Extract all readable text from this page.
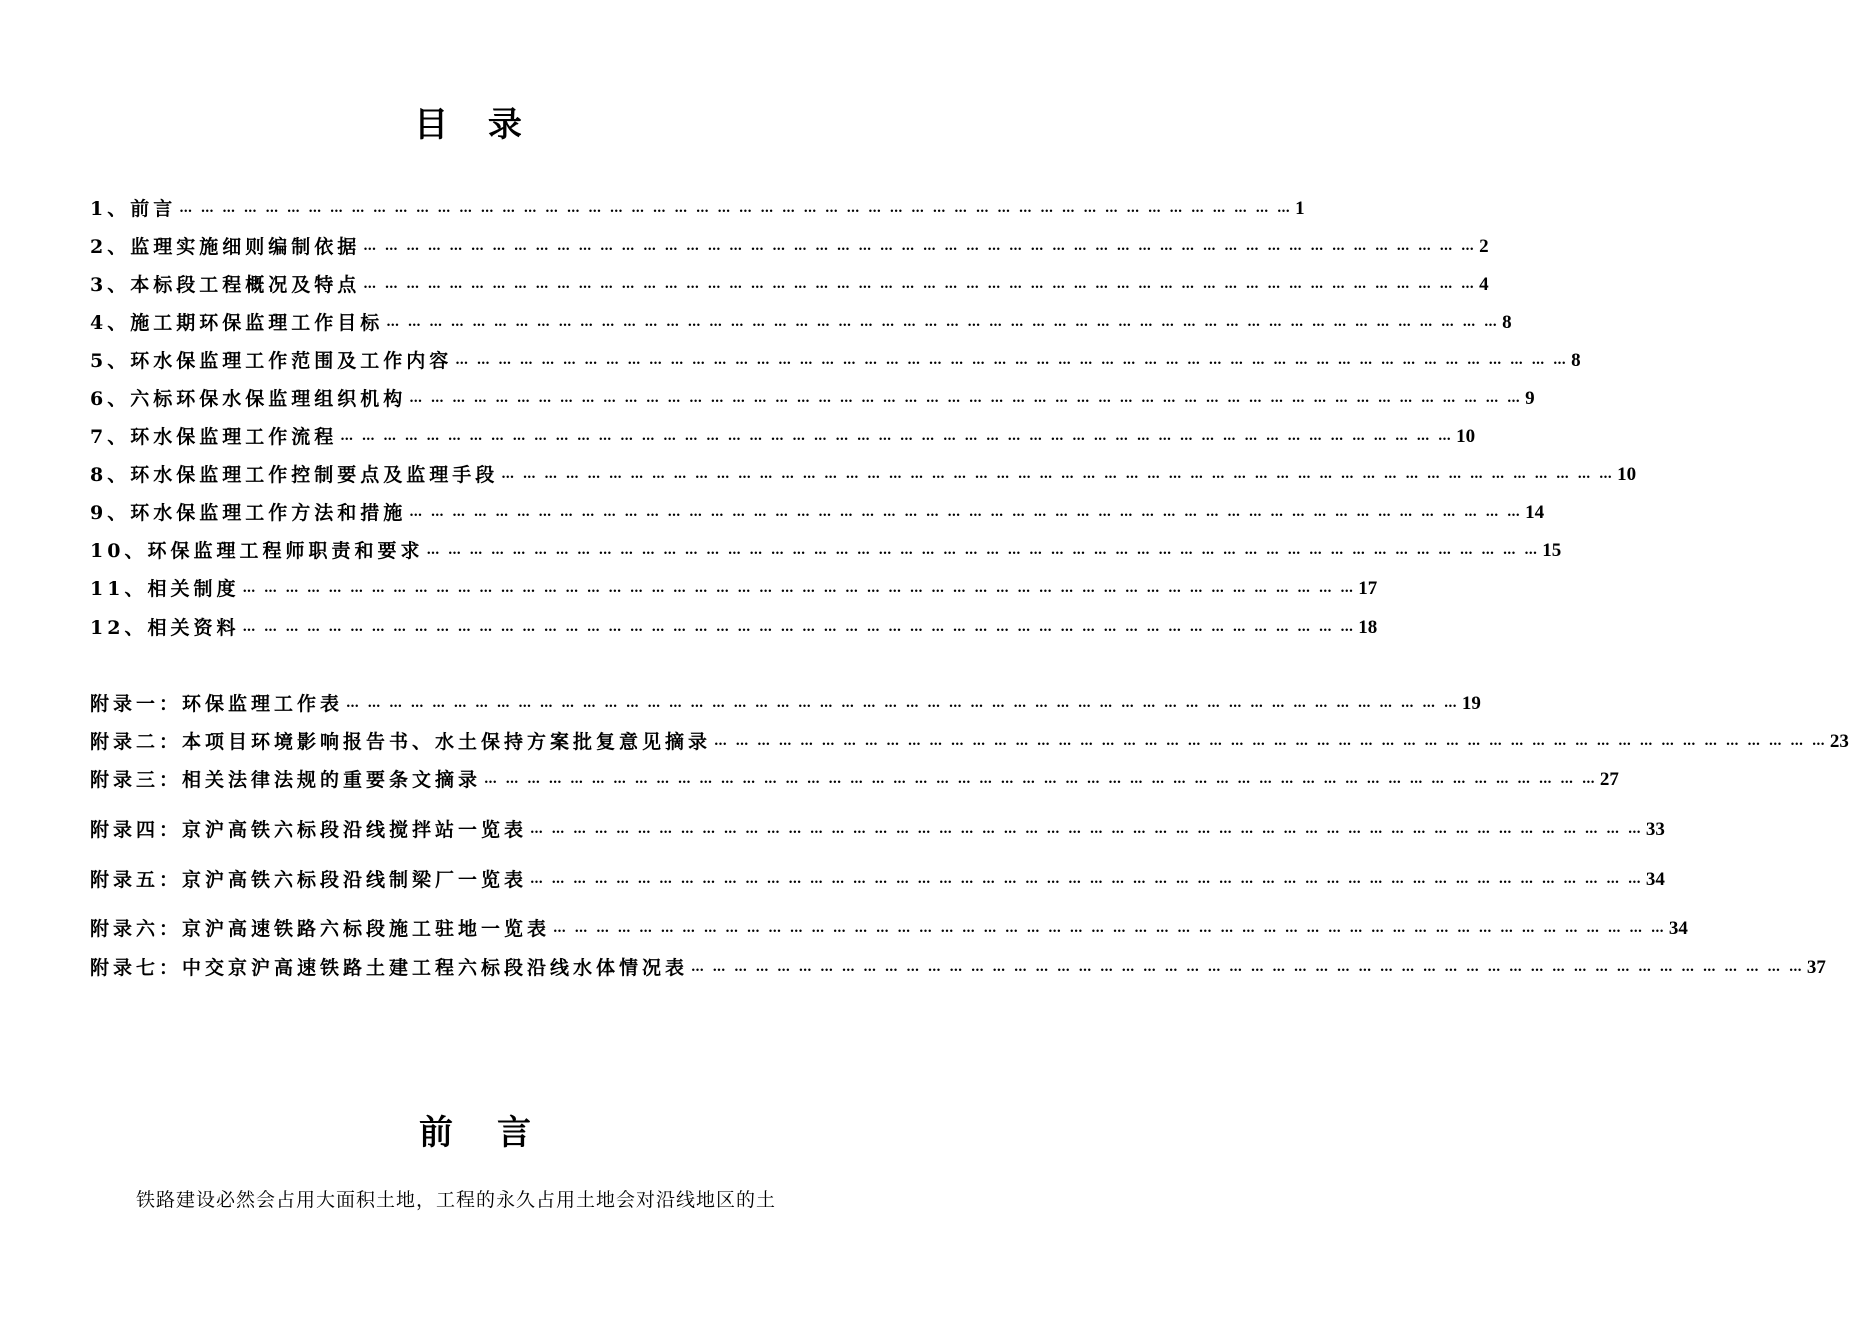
目 录
1、前言 … … … … … … … … … … … … … … … … … … … … … … … … … … … … … … … … … … … … … … … … … … … … … … … … … … … … 1
2、监理实施细则编制依据 … … … … … … … … … … … … … … … … … … … … … … … … … … … … … … … … … … … … … … … … … … … … … … … … … … … … 2
3、本标段工程概况及特点 … … … … … … … … … … … … … … … … … … … … … … … … … … … … … … … … … … … … … … … … … … … … … … … … … … … … 4
4、施工期环保监理工作目标 … … … … … … … … … … … … … … … … … … … … … … … … … … … … … … … … … … … … … … … … … … … … … … … … … … … … 8
5、环水保监理工作范围及工作内容 … … … … … … … … … … … … … … … … … … … … … … … … … … … … … … … … … … … … … … … … … … … … … … … … … … … … 8
6、六标环保水保监理组织机构 … … … … … … … … … … … … … … … … … … … … … … … … … … … … … … … … … … … … … … … … … … … … … … … … … … … … 9
7、环水保监理工作流程 … … … … … … … … … … … … … … … … … … … … … … … … … … … … … … … … … … … … … … … … … … … … … … … … … … … … 10
8、环水保监理工作控制要点及监理手段 … … … … … … … … … … … … … … … … … … … … … … … … … … … … … … … … … … … … … … … … … … … … … … … … … … … … 10
9、环水保监理工作方法和措施 … … … … … … … … … … … … … … … … … … … … … … … … … … … … … … … … … … … … … … … … … … … … … … … … … … … … 14
10、环保监理工程师职责和要求 … … … … … … … … … … … … … … … … … … … … … … … … … … … … … … … … … … … … … … … … … … … … … … … … … … … … 15
11、相关制度 … … … … … … … … … … … … … … … … … … … … … … … … … … … … … … … … … … … … … … … … … … … … … … … … … … … … 17
12、相关资料 … … … … … … … … … … … … … … … … … … … … … … … … … … … … … … … … … … … … … … … … … … … … … … … … … … … … 18
附录一：环保监理工作表 … … … … … … … … … … … … … … … … … … … … … … … … … … … … … … … … … … … … … … … … … … … … … … … … … … … … 19
附录二：本项目环境影响报告书、水土保持方案批复意见摘录 … … … … … … … … … … … … … … … … … … … … … … … … … … … … … … … … … … … … … … … … … … … … … … … … … … … … 23
附录三：相关法律法规的重要条文摘录 … … … … … … … … … … … … … … … … … … … … … … … … … … … … … … … … … … … … … … … … … … … … … … … … … … … … 27
附录四：京沪高铁六标段沿线搅拌站一览表 … … … … … … … … … … … … … … … … … … … … … … … … … … … … … … … … … … … … … … … … … … … … … … … … … … … … 33
附录五：京沪高铁六标段沿线制梁厂一览表 … … … … … … … … … … … … … … … … … … … … … … … … … … … … … … … … … … … … … … … … … … … … … … … … … … … … 34
附录六：京沪高速铁路六标段施工驻地一览表 … … … … … … … … … … … … … … … … … … … … … … … … … … … … … … … … … … … … … … … … … … … … … … … … … … … … 34
附录七：中交京沪高速铁路土建工程六标段沿线水体情况表 … … … … … … … … … … … … … … … … … … … … … … … … … … … … … … … … … … … … … … … … … … … … … … … … … … … … 37
前言
铁路建设必然会占用大面积土地，工程的永久占用土地会对沿线地区的土
